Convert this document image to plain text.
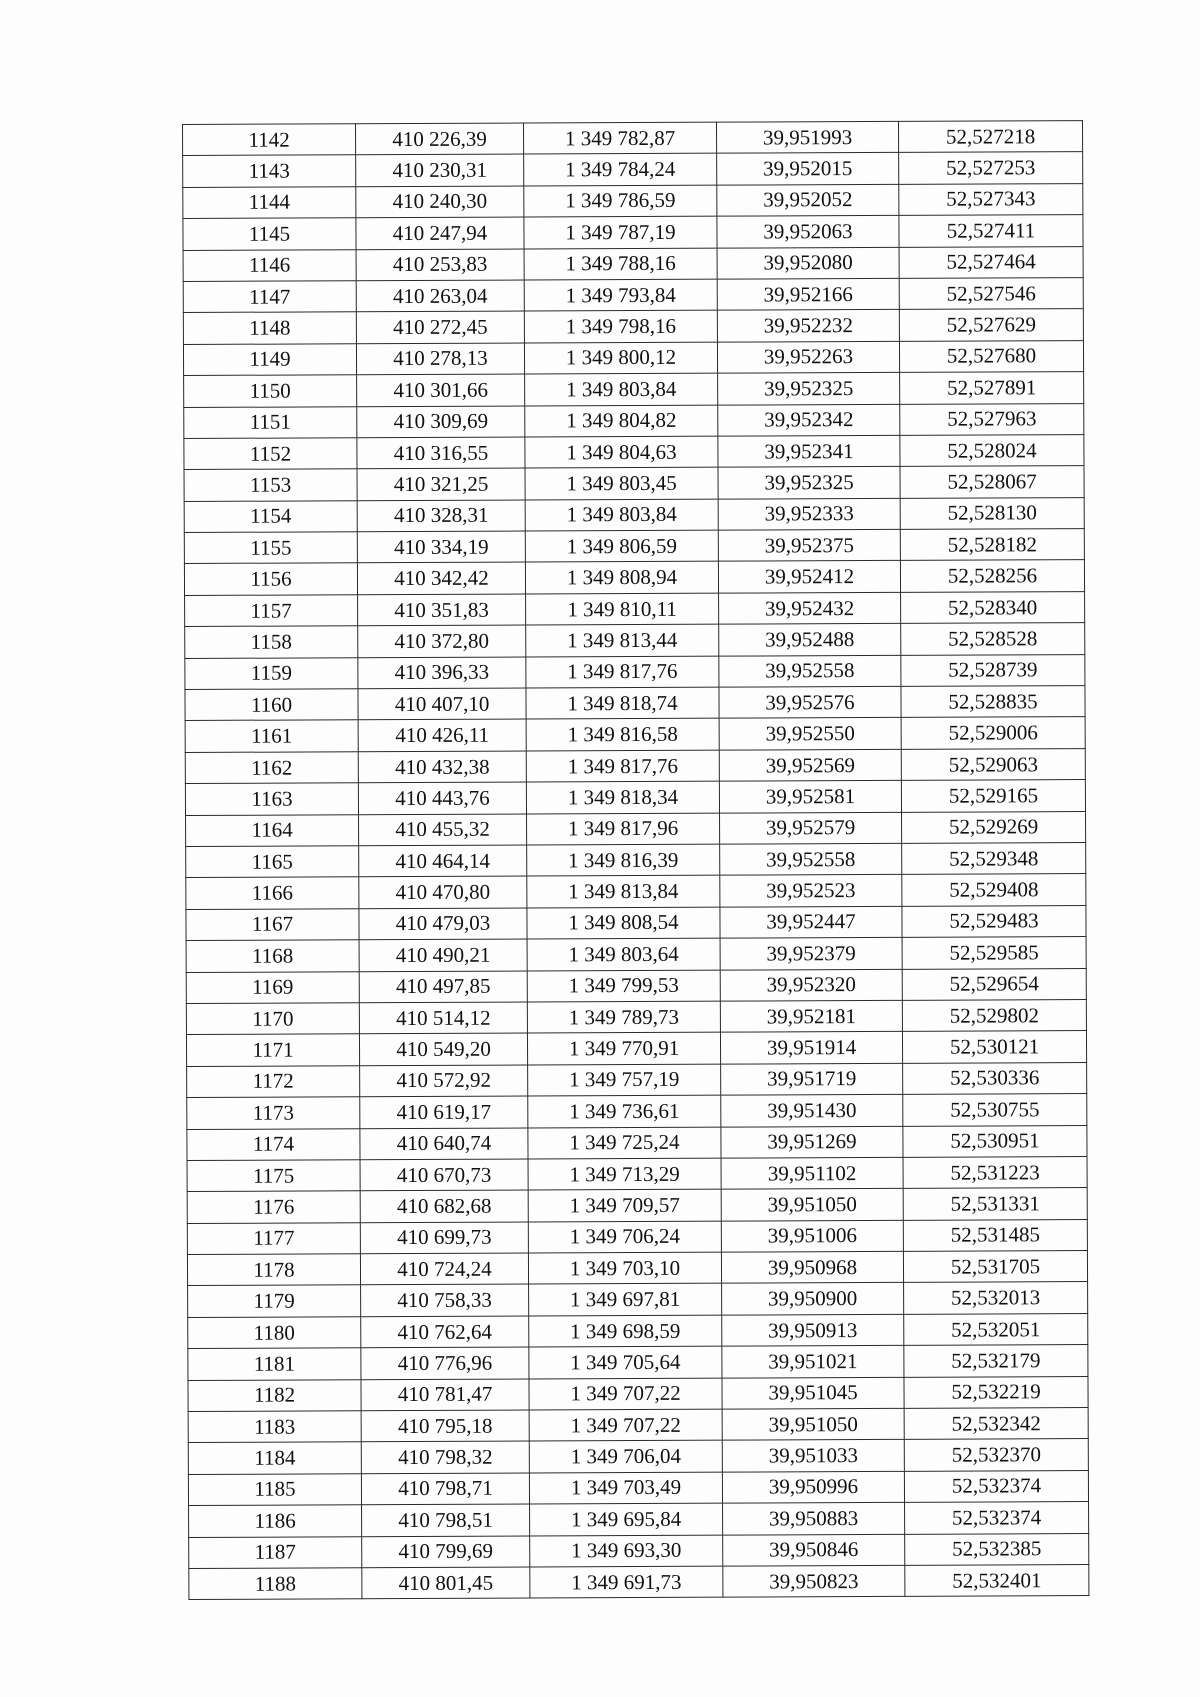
1142	410 226,39	1 349 782,87	39,951993	52,527218
1143	410 230,31	1 349 784,24	39,952015	52,527253
1144	410 240,30	1 349 786,59	39,952052	52,527343
1145	410 247,94	1 349 787,19	39,952063	52,527411
1146	410 253,83	1 349 788,16	39,952080	52,527464
1147	410 263,04	1 349 793,84	39,952166	52,527546
1148	410 272,45	1 349 798,16	39,952232	52,527629
1149	410 278,13	1 349 800,12	39,952263	52,527680
1150	410 301,66	1 349 803,84	39,952325	52,527891
1151	410 309,69	1 349 804,82	39,952342	52,527963
1152	410 316,55	1 349 804,63	39,952341	52,528024
1153	410 321,25	1 349 803,45	39,952325	52,528067
1154	410 328,31	1 349 803,84	39,952333	52,528130
1155	410 334,19	1 349 806,59	39,952375	52,528182
1156	410 342,42	1 349 808,94	39,952412	52,528256
1157	410 351,83	1 349 810,11	39,952432	52,528340
1158	410 372,80	1 349 813,44	39,952488	52,528528
1159	410 396,33	1 349 817,76	39,952558	52,528739
1160	410 407,10	1 349 818,74	39,952576	52,528835
1161	410 426,11	1 349 816,58	39,952550	52,529006
1162	410 432,38	1 349 817,76	39,952569	52,529063
1163	410 443,76	1 349 818,34	39,952581	52,529165
1164	410 455,32	1 349 817,96	39,952579	52,529269
1165	410 464,14	1 349 816,39	39,952558	52,529348
1166	410 470,80	1 349 813,84	39,952523	52,529408
1167	410 479,03	1 349 808,54	39,952447	52,529483
1168	410 490,21	1 349 803,64	39,952379	52,529585
1169	410 497,85	1 349 799,53	39,952320	52,529654
1170	410 514,12	1 349 789,73	39,952181	52,529802
1171	410 549,20	1 349 770,91	39,951914	52,530121
1172	410 572,92	1 349 757,19	39,951719	52,530336
1173	410 619,17	1 349 736,61	39,951430	52,530755
1174	410 640,74	1 349 725,24	39,951269	52,530951
1175	410 670,73	1 349 713,29	39,951102	52,531223
1176	410 682,68	1 349 709,57	39,951050	52,531331
1177	410 699,73	1 349 706,24	39,951006	52,531485
1178	410 724,24	1 349 703,10	39,950968	52,531705
1179	410 758,33	1 349 697,81	39,950900	52,532013
1180	410 762,64	1 349 698,59	39,950913	52,532051
1181	410 776,96	1 349 705,64	39,951021	52,532179
1182	410 781,47	1 349 707,22	39,951045	52,532219
1183	410 795,18	1 349 707,22	39,951050	52,532342
1184	410 798,32	1 349 706,04	39,951033	52,532370
1185	410 798,71	1 349 703,49	39,950996	52,532374
1186	410 798,51	1 349 695,84	39,950883	52,532374
1187	410 799,69	1 349 693,30	39,950846	52,532385
1188	410 801,45	1 349 691,73	39,950823	52,532401
